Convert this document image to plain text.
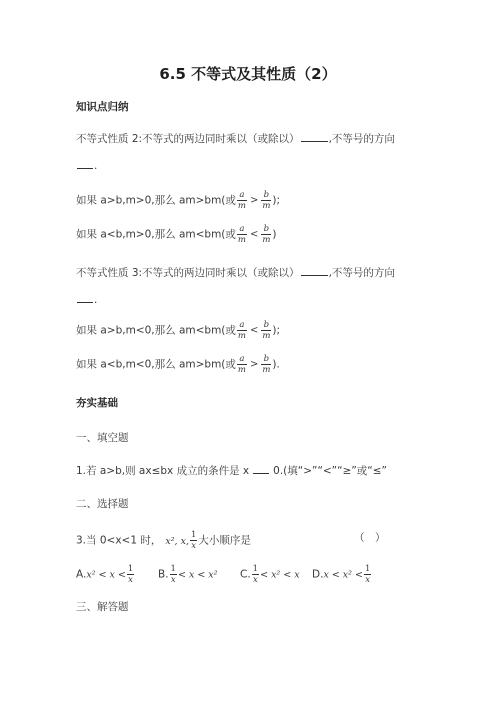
6.5 不等式及其性质（2）
知识点归纳
不等式性质 2:不等式的两边同时乘以（或除以）	,不等号的方向
.
如果 a>b,m>0,那么 am>bm(或 $\frac{a}{m} > \frac{b}{m}$ );
如果 a<b,m>0,那么 am<bm(或 $\frac{a}{m} < \frac{b}{m}$ )
不等式性质 3:不等式的两边同时乘以（或除以）	,不等号的方向
.
如果 a>b,m<0,那么 am<bm(或 $\frac{a}{m} < \frac{b}{m}$ );
如果 a<b,m<0,那么 am>bm(或 $\frac{a}{m} > \frac{b}{m}$ ).
夯实基础
一、填空题
1.若 a>b,则 ax≤bx 成立的条件是 x 0.(填“>”“<”“≥”或“≤”
二、选择题
3.当 0<x<1 时， x², x, $\frac{1}{x}$ 大小顺序是	（　）
$A.x^2 < x < \frac{1}{x} B$. $\frac{1}{x} < x < x^2$ C. $\frac{1}{x} < x^2 < x$ $D.x < x^2 < \frac{1}{x}$
三、解答题
